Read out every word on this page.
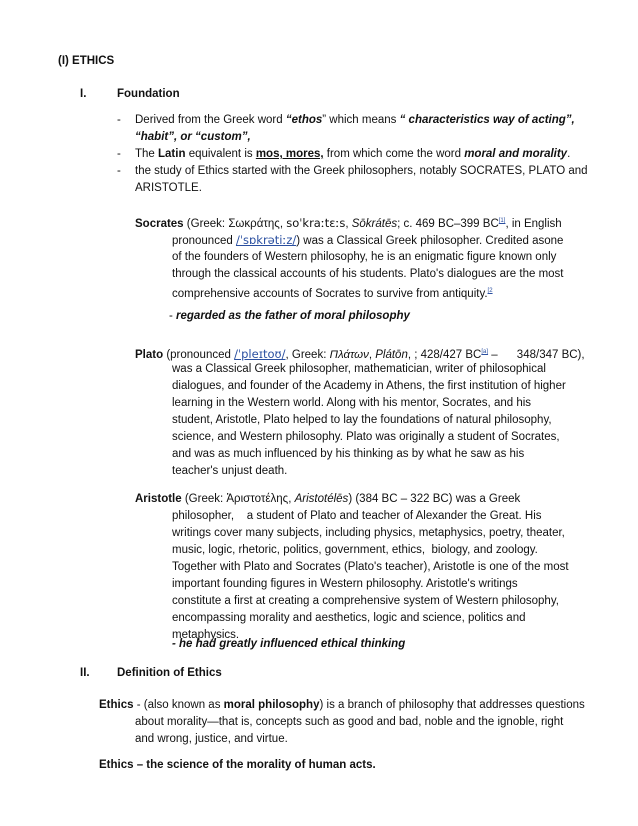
(I) ETHICS
I.	Foundation
- Derived from the Greek word “ethos” which means “ characteristics way of acting”,
“habit”, or “custom”,
- The Latin equivalent is mos, mores, from which come the word moral and morality.
- the study of Ethics started with the Greek philosophers, notably SOCRATES, PLATO and
ARISTOTLE.
Socrates (Greek: Σωκράτης, soˈkraːtɛːs, Sōkrátēs; c. 469 BC–399 BC[1], in English
pronounced /ˈsɒkrətiːz/) was a Classical Greek philosopher. Credited asone
of the founders of Western philosophy, he is an enigmatic figure known only
through the classical accounts of his students. Plato's dialogues are the most
comprehensive accounts of Socrates to survive from antiquity.$^{[2}$
- regarded as the father of moral philosophy
Plato (pronounced /ˈpleɪtoʊ/, Greek: Πλάτων, Plátōn, ; 428/427 BC[a] –      348/347 BC),
was a Classical Greek philosopher, mathematician, writer of philosophical
dialogues, and founder of the Academy in Athens, the first institution of higher
learning in the Western world. Along with his mentor, Socrates, and his
student, Aristotle, Plato helped to lay the foundations of natural philosophy,
science, and Western philosophy. Plato was originally a student of Socrates,
and was as much influenced by his thinking as by what he saw as his
teacher's unjust death.
Aristotle (Greek: Ἀριστοτέλης, Aristotélēs) (384 BC – 322 BC) was a Greek
philosopher,    a student of Plato and teacher of Alexander the Great. His
writings cover many subjects, including physics, metaphysics, poetry, theater,
music, logic, rhetoric, politics, government, ethics,  biology, and zoology.
Together with Plato and Socrates (Plato's teacher), Aristotle is one of the most
important founding figures in Western philosophy. Aristotle's writings
constitute a first at creating a comprehensive system of Western philosophy,
encompassing morality and aesthetics, logic and science, politics and
metaphysics.
- he had greatly influenced ethical thinking
II. Definition of Ethics
Ethics - (also known as moral philosophy) is a branch of philosophy that addresses questions
about morality—that is, concepts such as good and bad, noble and the ignoble, right
and wrong, justice, and virtue.
Ethics – the science of the morality of human acts.
